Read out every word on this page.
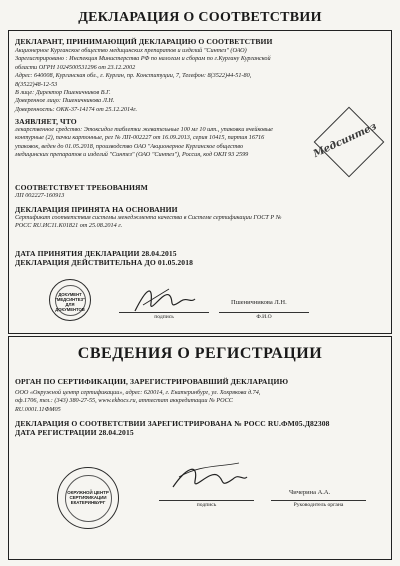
ДЕКЛАРАЦИЯ О СООТВЕТСТВИИ
ДЕКЛАРАНТ, ПРИНИМАЮЩИЙ ДЕКЛАРАЦИЮ О СООТВЕТСТВИИ
Акционерное Курганское общество медицинских препаратов и изделий "Синтез" (ОАО)
Зарегистрировано : Инспекция Министерства РФ по налогам и сборам по г.Кургану Курганской
области ОГРН 1024500531296 от 23.12.2002
Адрес: 640008, Курганская обл., г. Курган, пр. Конституции, 7, Телефон: 8(3522)44-51-80,
8(3522)48-12-53
В лице: Директор Пшеничников В.Г.
Доверенное лицо: Пшеничникова Л.Н.
Доверенность: ОКК-37-14174 от 25.12.2014г.
ЗАЯВЛЯЕТ, ЧТО
лекарственное средство: Этоксидол таблетки жевательные 100 мг 10 шт., упаковки ячейковые
контурные (2), пачки картонные, рег № ЛП-002227 от 16.09.2013, серия 10415, партия 16716
упаковок, веден до 01.05.2018, производство ОАО "Акционерное Курганское общество
медицинских препаратов и изделий "Синтез" (ОАО "Синтез"), Россия, код ОКП 93 2599	Медсинтез
СООТВЕТСТВУЕТ ТРЕБОВАНИЯМ
ЛП 002227-160913
ДЕКЛАРАЦИЯ ПРИНЯТА НА ОСНОВАНИИ
Сертификат соответствия системы менеджмента качества в Системе сертификации ГОСТ Р №
РОСС RU.ИС11.К01821 от 25.08.2014 г.
ДАТА ПРИНЯТИЯ ДЕКЛАРАЦИИ 28.04.2015
ДЕКЛАРАЦИЯ ДЕЙСТВИТЕЛЬНА ДО 01.05.2018
ДОКУМЕНТ "МЕДСИНТЕЗ" ДЛЯ ДОКУМЕНТОВ
подпись
Пшеничникова Л.Н.
Ф.И.О
СВЕДЕНИЯ О РЕГИСТРАЦИИ
ОРГАН ПО СЕРТИФИКАЦИИ, ЗАРЕГИСТРИРОВАВШИЙ ДЕКЛАРАЦИЮ
ООО «Окружной центр сертификации», адрес: 620014, г. Екатеринбург, ул. Хохрякова д.74,
оф.1706, тел.: (343) 380-27-55, www.ekbocs.ru, аттестат аккредитации № РОСС
RU.0001.11ФМ05
ДЕКЛАРАЦИЯ О СООТВЕТСТВИИ ЗАРЕГИСТРИРОВАНА № РОСС RU.ФМ05.Д82308
ДАТА РЕГИСТРАЦИИ 28.04.2015
ОКРУЖНОЙ ЦЕНТР СЕРТИФИКАЦИИ ЕКАТЕРИНБУРГ	подпись
Чичерина А.А.
Руководитель органа
